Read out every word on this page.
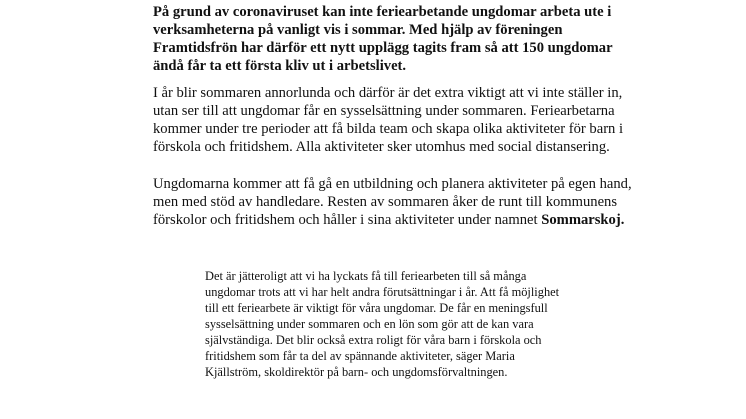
På grund av coronaviruset kan inte feriearbetande ungdomar arbeta ute i verksamheterna på vanligt vis i sommar. Med hjälp av föreningen Framtidsfrön har därför ett nytt upplägg tagits fram så att 150 ungdomar ändå får ta ett första kliv ut i arbetslivet.

I år blir sommaren annorlunda och därför är det extra viktigt att vi inte ställer in, utan ser till att ungdomar får en sysselsättning under sommaren. Feriearbetarna kommer under tre perioder att få bilda team och skapa olika aktiviteter för barn i förskola och fritidshem. Alla aktiviteter sker utomhus med social distansering.

Ungdomarna kommer att få gå en utbildning och planera aktiviteter på egen hand, men med stöd av handledare. Resten av sommaren åker de runt till kommunens förskolor och fritidshem och håller i sina aktiviteter under namnet Sommarskoj.

Det är jätteroligt att vi ha lyckats få till feriearbeten till så många ungdomar trots att vi har helt andra förutsättningar i år. Att få möjlighet till ett feriearbete är viktigt för våra ungdomar. De får en meningsfull sysselsättning under sommaren och en lön som gör att de kan vara självständiga. Det blir också extra roligt för våra barn i förskola och fritidshem som får ta del av spännande aktiviteter, säger Maria Kjällström, skoldirektör på barn- och ungdomsförvaltningen.
